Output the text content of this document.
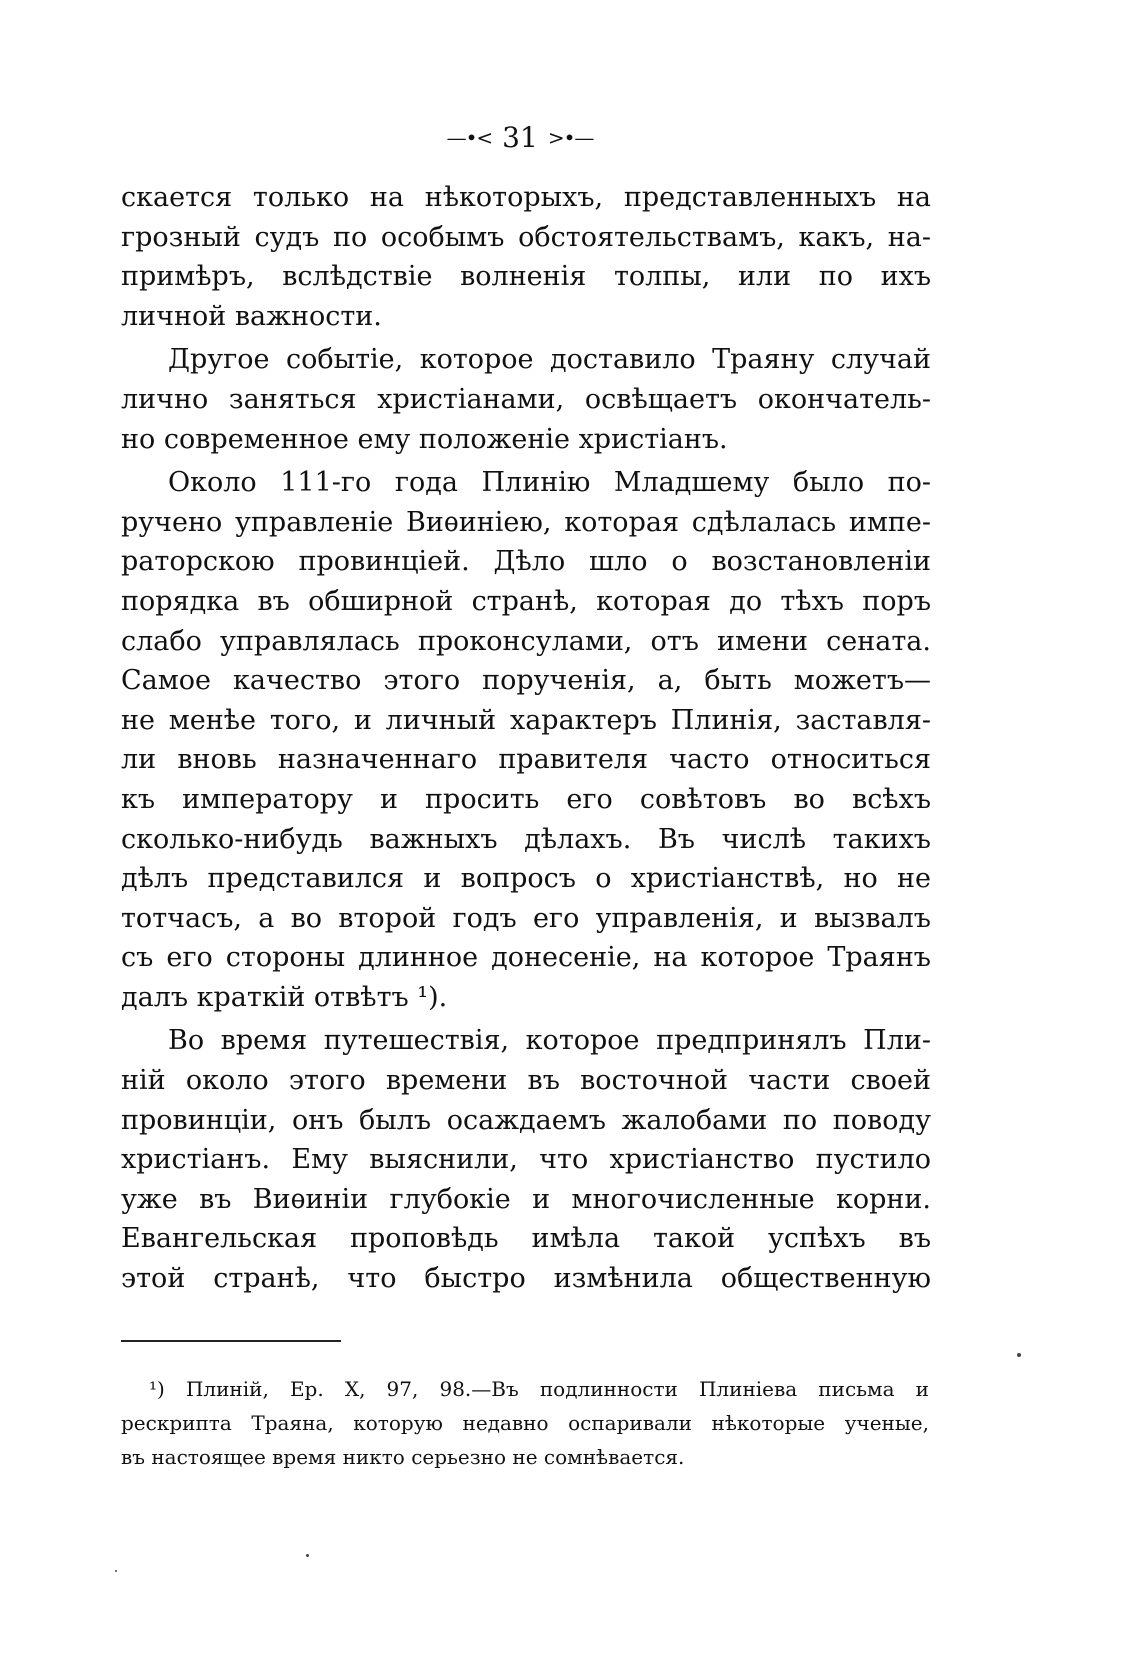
—•< 31 >•—
скается только на нѣкоторыхъ, представленныхъ на
грозный судъ по особымъ обстоятельствамъ, какъ, на-
примѣръ, вслѣдствіе волненія толпы, или по ихъ
личной важности.
Другое событіе, которое доставило Траяну случай
лично заняться христіанами, освѣщаетъ окончатель-
но современное ему положеніе христіанъ.
Около 111-го года Плинію Младшему было по-
ручено управленіе Виѳиніею, которая сдѣлалась импе-
раторскою провинціей. Дѣло шло о возстановленіи
порядка въ обширной странѣ, которая до тѣхъ поръ
слабо управлялась проконсулами, отъ имени сената.
Самое качество этого порученія, а, быть можетъ—
не менѣе того, и личный характеръ Плинія, заставля-
ли вновь назначеннаго правителя часто относиться
къ императору и просить его совѣтовъ во всѣхъ
сколько-нибудь важныхъ дѣлахъ. Въ числѣ такихъ
дѣлъ представился и вопросъ о христіанствѣ, но не
тотчасъ, а во второй годъ его управленія, и вызвалъ
съ его стороны длинное донесеніе, на которое Траянъ
далъ краткій отвѣтъ ¹).
Во время путешествія, которое предпринялъ Пли-
ній около этого времени въ восточной части своей
провинціи, онъ былъ осаждаемъ жалобами по поводу
христіанъ. Ему выяснили, что христіанство пустило
уже въ Виѳиніи глубокіе и многочисленные корни.
Евангельская проповѣдь имѣла такой успѣхъ въ
этой странѣ, что быстро измѣнила общественную
¹) Плиній, Ep. X, 97, 98.—Въ подлинности Плиніева письма и
рескрипта Траяна, которую недавно оспаривали нѣкоторые ученые,
въ настоящее время никто серьезно не сомнѣвается.
